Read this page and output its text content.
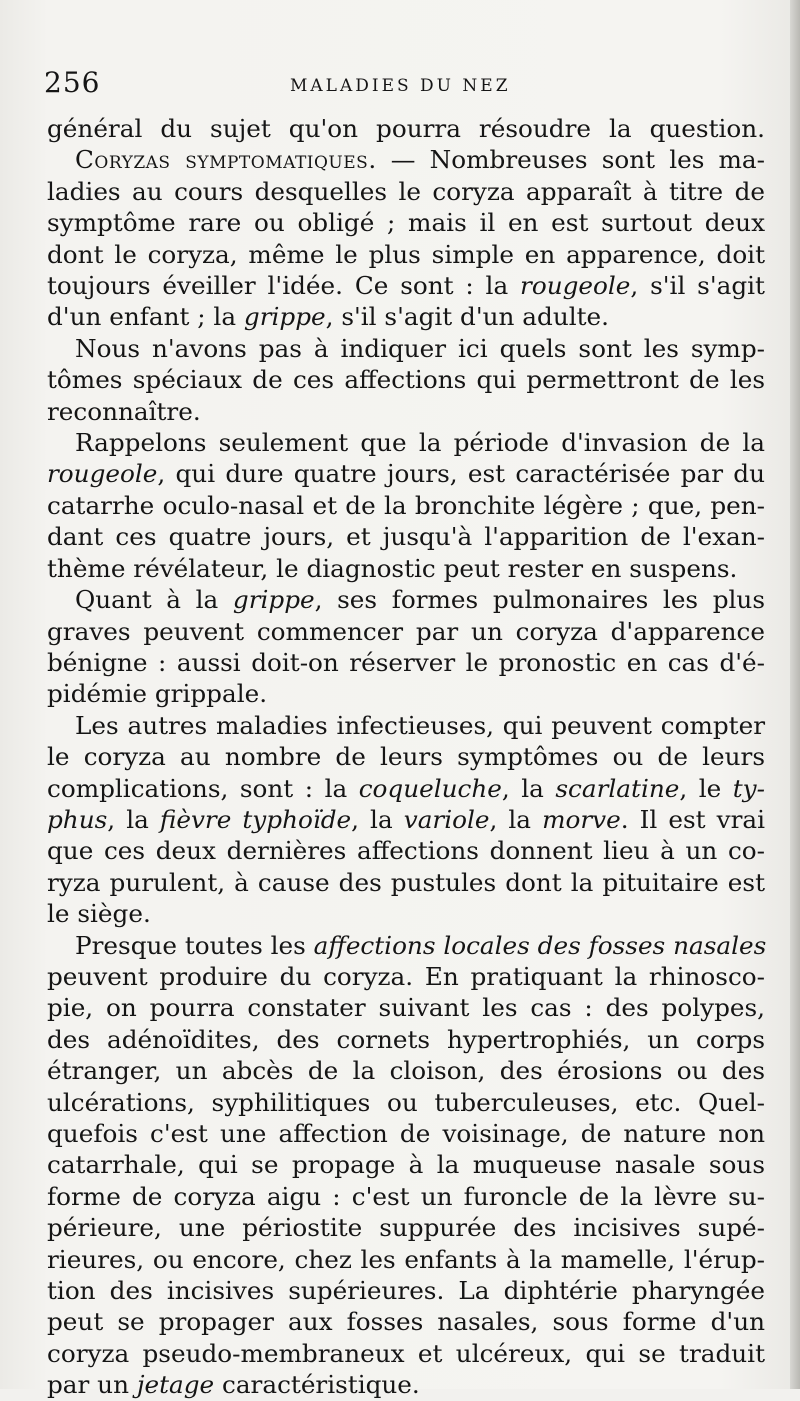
256	MALADIES DU NEZ

général du sujet qu'on pourra résoudre la question.

Coryzas symptomatiques. — Nombreuses sont les ma-
ladies au cours desquelles le coryza apparaît à titre de
symptôme rare ou obligé ; mais il en est surtout deux
dont le coryza, même le plus simple en apparence, doit
toujours éveiller l'idée. Ce sont : la rougeole, s'il s'agit
d'un enfant ; la grippe, s'il s'agit d'un adulte.

Nous n'avons pas à indiquer ici quels sont les symp-
tômes spéciaux de ces affections qui permettront de les
reconnaître.

Rappelons seulement que la période d'invasion de la
rougeole, qui dure quatre jours, est caractérisée par du
catarrhe oculo-nasal et de la bronchite légère ; que, pen-
dant ces quatre jours, et jusqu'à l'apparition de l'exan-
thème révélateur, le diagnostic peut rester en suspens.

Quant à la grippe, ses formes pulmonaires les plus
graves peuvent commencer par un coryza d'apparence
bénigne : aussi doit-on réserver le pronostic en cas d'é-
pidémie grippale.

Les autres maladies infectieuses, qui peuvent compter
le coryza au nombre de leurs symptômes ou de leurs
complications, sont : la coqueluche, la scarlatine, le ty-
phus, la fièvre typhoïde, la variole, la morve. Il est vrai
que ces deux dernières affections donnent lieu à un co-
ryza purulent, à cause des pustules dont la pituitaire est
le siège.

Presque toutes les affections locales des fosses nasales
peuvent produire du coryza. En pratiquant la rhinosco-
pie, on pourra constater suivant les cas : des polypes,
des adénoïdites, des cornets hypertrophiés, un corps
étranger, un abcès de la cloison, des érosions ou des
ulcérations, syphilitiques ou tuberculeuses, etc. Quel-
quefois c'est une affection de voisinage, de nature non
catarrhale, qui se propage à la muqueuse nasale sous
forme de coryza aigu : c'est un furoncle de la lèvre su-
périeure, une périostite suppurée des incisives supé-
rieures, ou encore, chez les enfants à la mamelle, l'érup-
tion des incisives supérieures. La diphtérie pharyngée
peut se propager aux fosses nasales, sous forme d'un
coryza pseudo-membraneux et ulcéreux, qui se traduit
par un jetage caractéristique.
